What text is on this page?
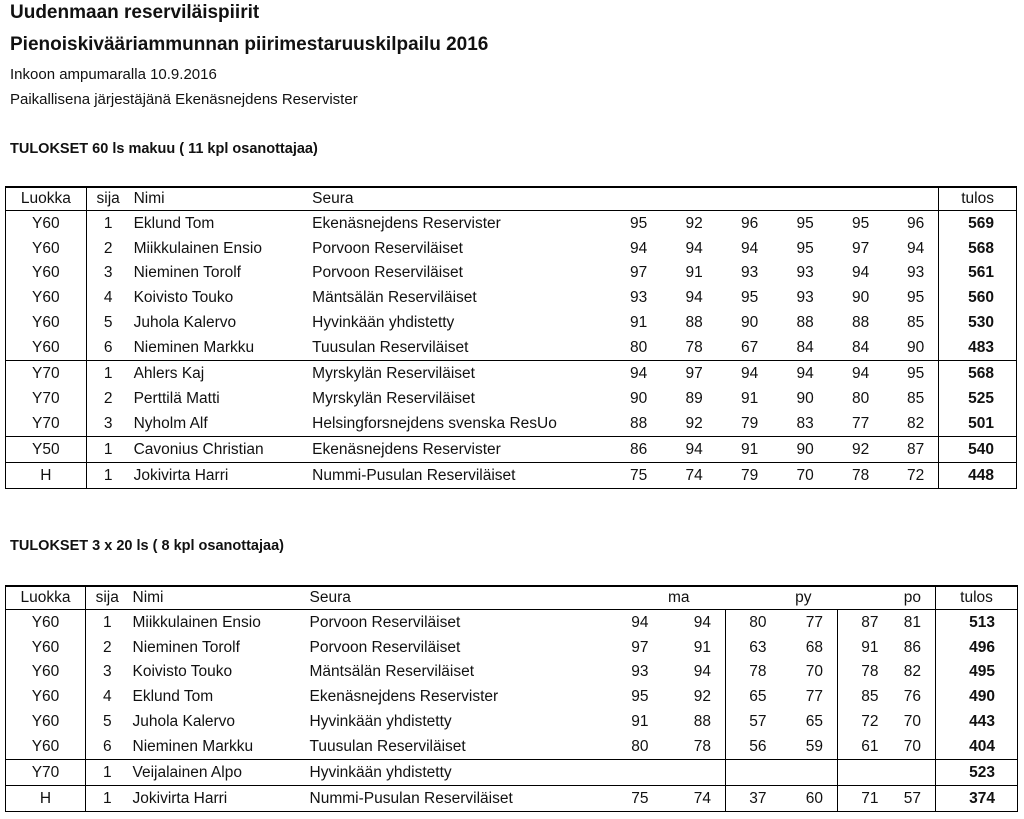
Uudenmaan reserviläispiirit
Pienoiskivääriammunnan piirimestaruuskilpailu 2016
Inkoon ampumaralla 10.9.2016
Paikallisena järjestäjänä Ekenäsnejdens Reservister
TULOKSET 60 ls makuu ( 11 kpl osanottajaa)
Luokka	sija	Nimi	Seura							tulos
Y60	1	Eklund Tom	Ekenäsnejdens Reservister	95	92	96	95	95	96	569
Y60	2	Miikkulainen Ensio	Porvoon Reserviläiset	94	94	94	95	97	94	568
Y60	3	Nieminen Torolf	Porvoon Reserviläiset	97	91	93	93	94	93	561
Y60	4	Koivisto Touko	Mäntsälän Reserviläiset	93	94	95	93	90	95	560
Y60	5	Juhola Kalervo	Hyvinkään yhdistetty	91	88	90	88	88	85	530
Y60	6	Nieminen Markku	Tuusulan Reserviläiset	80	78	67	84	84	90	483
Y70	1	Ahlers Kaj	Myrskylän Reserviläiset	94	97	94	94	94	95	568
Y70	2	Perttilä Matti	Myrskylän Reserviläiset	90	89	91	90	80	85	525
Y70	3	Nyholm Alf	Helsingforsnejdens svenska ResUo	88	92	79	83	77	82	501
Y50	1	Cavonius Christian	Ekenäsnejdens Reservister	86	94	91	90	92	87	540
H	1	Jokivirta Harri	Nummi-Pusulan Reserviläiset	75	74	79	70	78	72	448
TULOKSET 3 x 20 ls ( 8 kpl osanottajaa)
Luokka	sija	Nimi	Seura	ma		py		po		tulos
Y60	1	Miikkulainen Ensio	Porvoon Reserviläiset	94	94	80	77	87	81	513
Y60	2	Nieminen Torolf	Porvoon Reserviläiset	97	91	63	68	91	86	496
Y60	3	Koivisto Touko	Mäntsälän Reserviläiset	93	94	78	70	78	82	495
Y60	4	Eklund Tom	Ekenäsnejdens Reservister	95	92	65	77	85	76	490
Y60	5	Juhola Kalervo	Hyvinkään yhdistetty	91	88	57	65	72	70	443
Y60	6	Nieminen Markku	Tuusulan Reserviläiset	80	78	56	59	61	70	404
Y70	1	Veijalainen Alpo	Hyvinkään yhdistetty							523
H	1	Jokivirta Harri	Nummi-Pusulan Reserviläiset	75	74	37	60	71	57	374
